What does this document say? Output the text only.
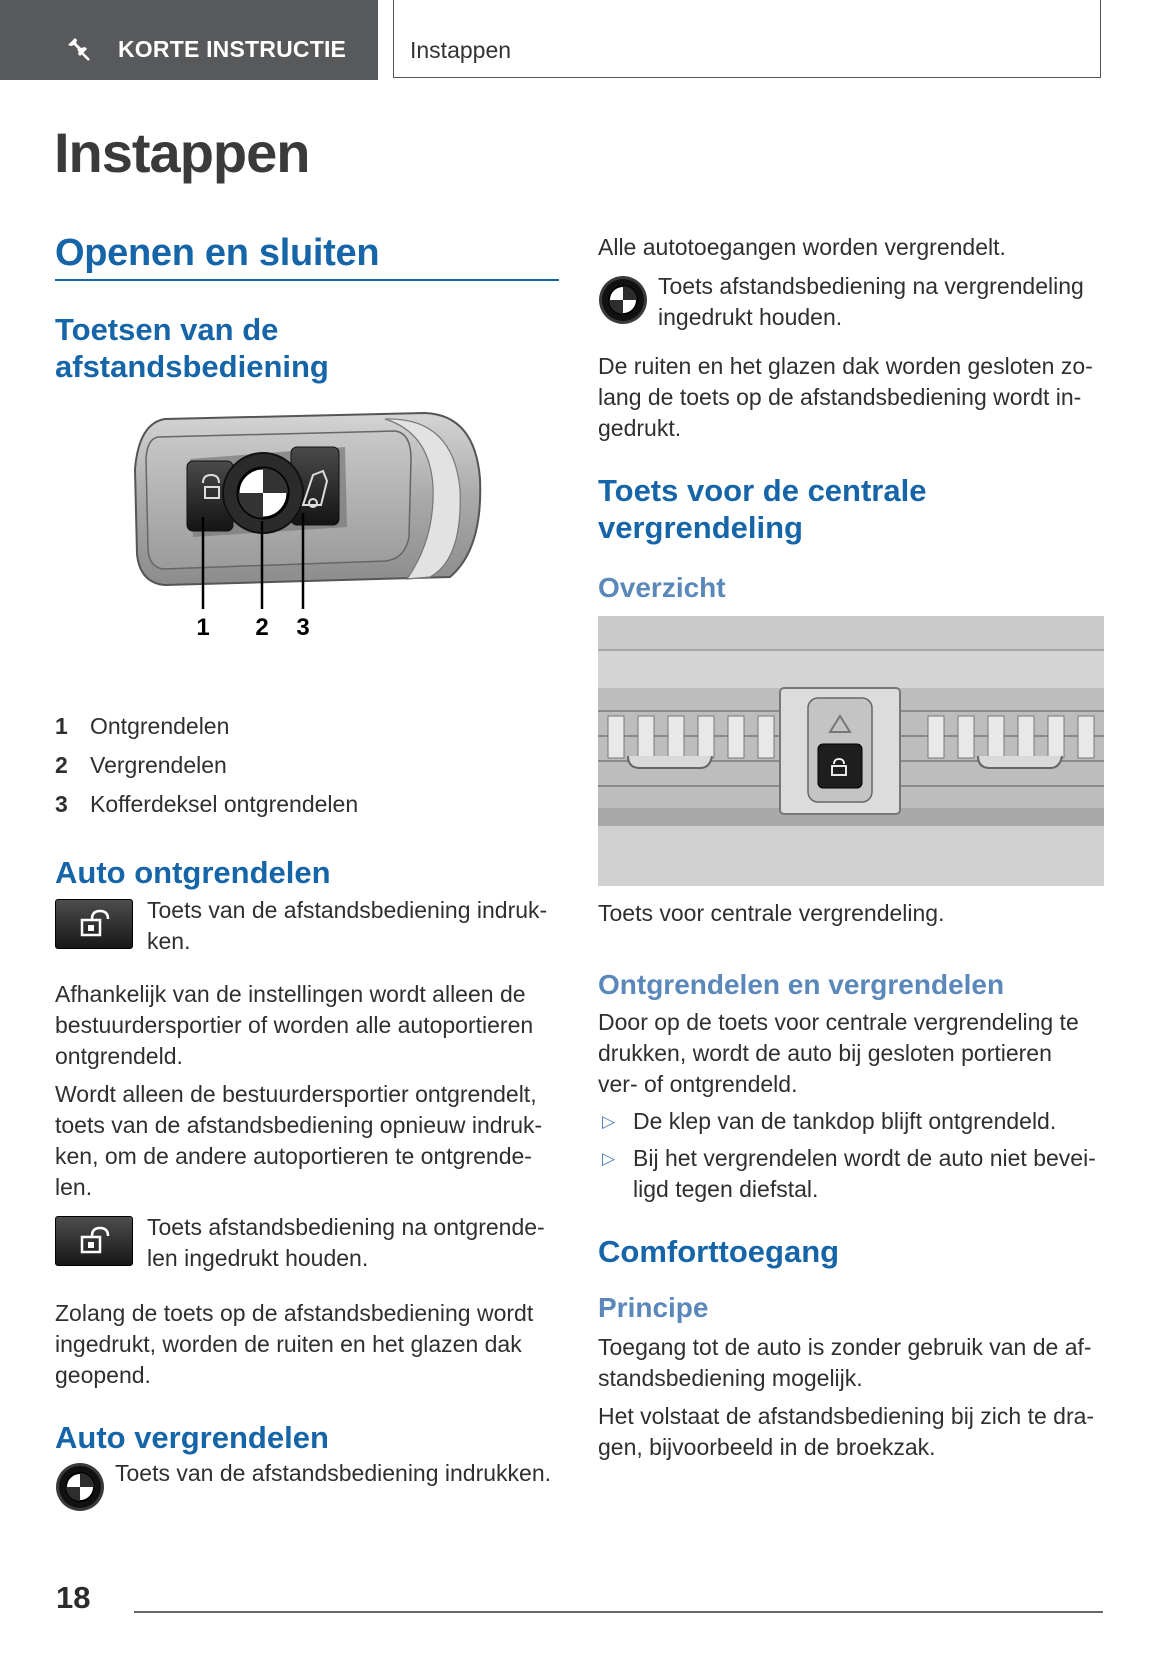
KORTE INSTRUCTIE	Instappen
Instappen
Openen en sluiten
Toetsen van de afstandsbediening
1 2 3
1 Ontgrendelen
2 Vergrendelen
3 Kofferdeksel ontgrendelen
Auto ontgrendelen
Toets van de afstandsbediening indruk-
ken.

Afhankelijk van de instellingen wordt alleen de
bestuurdersportier of worden alle autoportieren
ontgrendeld.

Wordt alleen de bestuurdersportier ontgrendelt,
toets van de afstandsbediening opnieuw indruk-
ken, om de andere autoportieren te ontgrende-
len.

Toets afstandsbediening na ontgrende-
len ingedrukt houden.

Zolang de toets op de afstandsbediening wordt
ingedrukt, worden de ruiten en het glazen dak
geopend.

Auto vergrendelen
Toets van de afstandsbediening indrukken.

Alle autotoegangen worden vergrendelt.

Toets afstandsbediening na vergrendeling
ingedrukt houden.

De ruiten en het glazen dak worden gesloten zo-
lang de toets op de afstandsbediening wordt in-
gedrukt.

Toets voor de centrale vergrendeling
Overzicht

Toets voor centrale vergrendeling.

Ontgrendelen en vergrendelen

Door op de toets voor centrale vergrendeling te
drukken, wordt de auto bij gesloten portieren
ver- of ontgrendeld.

▷ De klep van de tankdop blijft ontgrendeld.
▷ Bij het vergrendelen wordt de auto niet bevei-
ligd tegen diefstal.
Comforttoegang
Principe

Toegang tot de auto is zonder gebruik van de af-
standsbediening mogelijk.

Het volstaat de afstandsbediening bij zich te dra-
gen, bijvoorbeeld in de broekzak.

18
